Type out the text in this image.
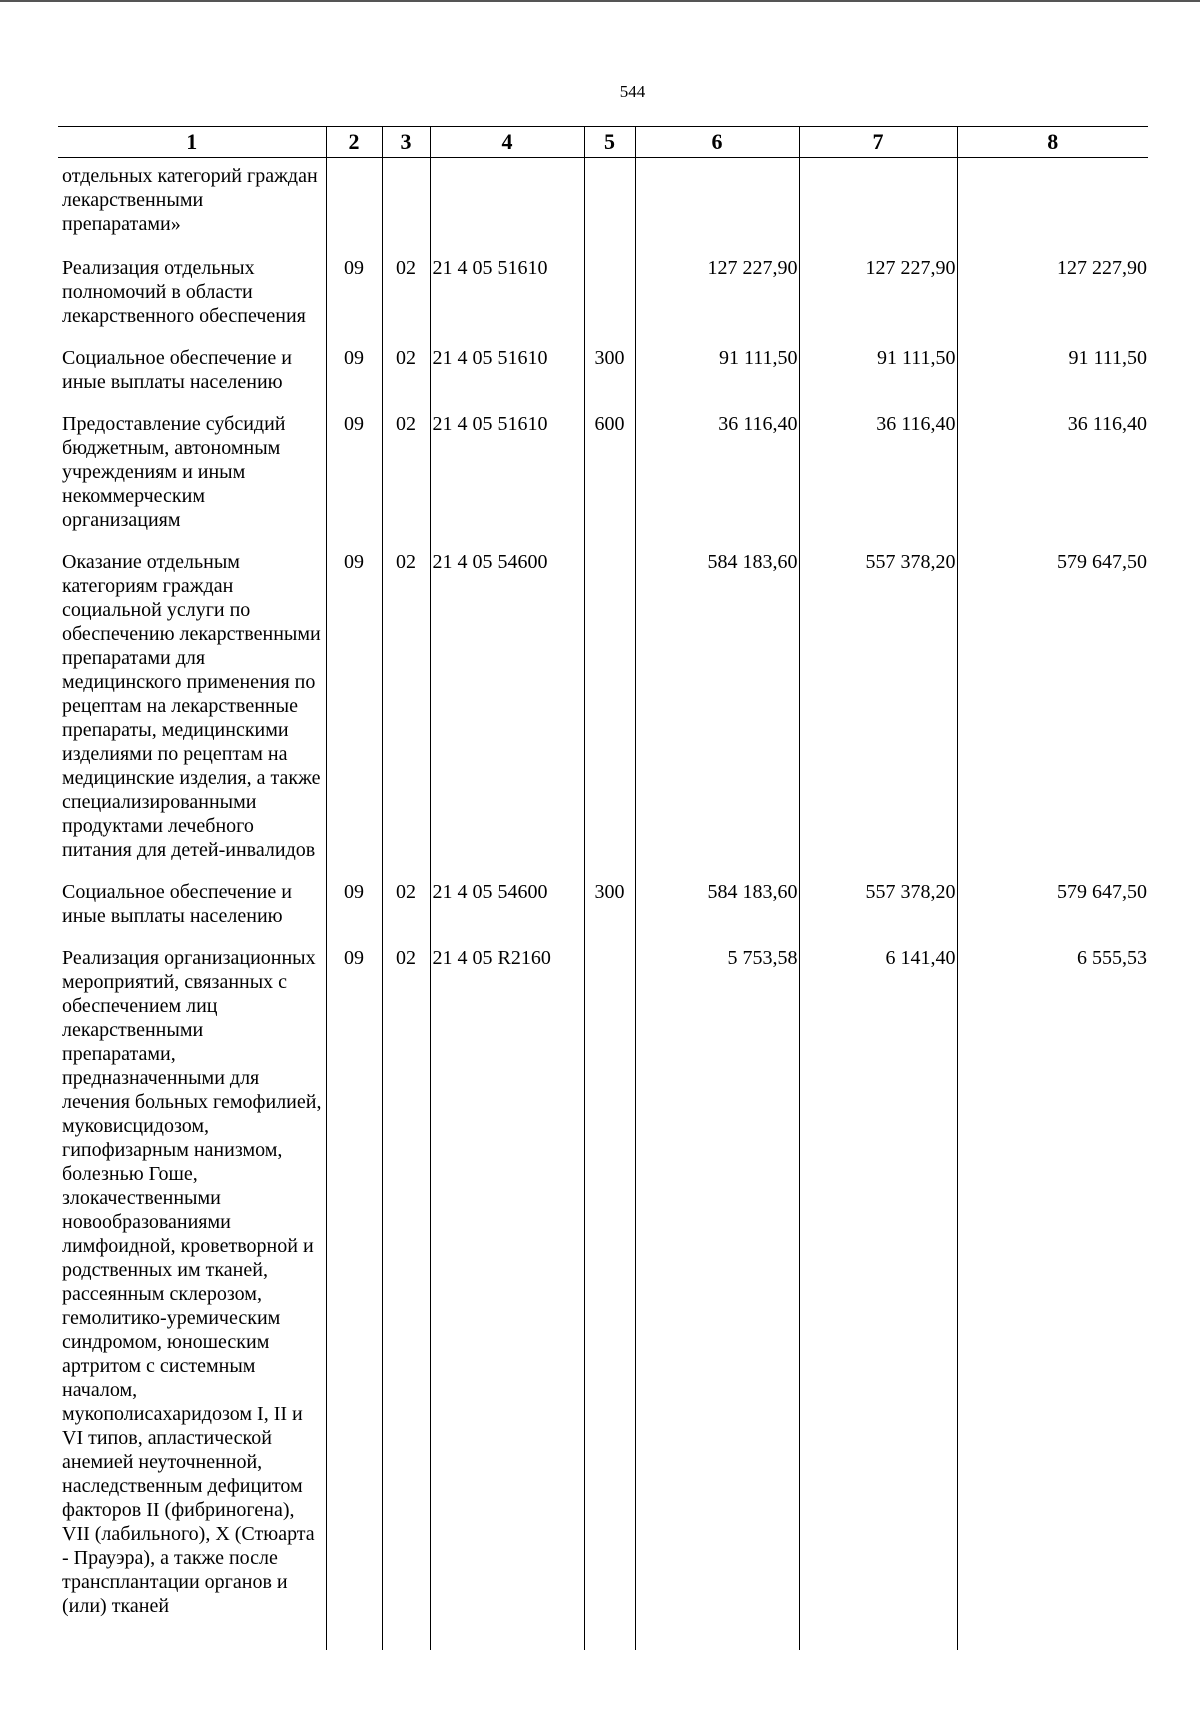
544
1	2	3	4	5	6	7	8
отдельных категорий граждан лекарственными препаратами»							
Реализация отдельных полномочий в области лекарственного обеспечения	09	02	21 4 05 51610		127 227,90	127 227,90	127 227,90
Социальное обеспечение и иные выплаты населению	09	02	21 4 05 51610	300	91 111,50	91 111,50	91 111,50
Предоставление субсидий бюджетным, автономным учреждениям и иным некоммерческим организациям	09	02	21 4 05 51610	600	36 116,40	36 116,40	36 116,40
Оказание отдельным категориям граждан социальной услуги по обеспечению лекарственными препаратами для медицинского применения по рецептам на лекарственные препараты, медицинскими изделиями по рецептам на медицинские изделия, а также специализированными продуктами лечебного питания для детей-инвалидов	09	02	21 4 05 54600		584 183,60	557 378,20	579 647,50
Социальное обеспечение и иные выплаты населению	09	02	21 4 05 54600	300	584 183,60	557 378,20	579 647,50
Реализация организационных мероприятий, связанных с обеспечением лиц лекарственными препаратами, предназначенными для лечения больных гемофилией, муковисцидозом, гипофизарным нанизмом, болезнью Гоше, злокачественными новообразованиями лимфоидной, кроветворной и родственных им тканей, рассеянным склерозом, гемолитико-уремическим синдромом, юношеским артритом с системным началом, мукополисахаридозом I, II и VI типов, апластической анемией неуточненной, наследственным дефицитом факторов II (фибриногена), VII (лабильного), X (Стюарта - Прауэра), а также после трансплантации органов и (или) тканей	09	02	21 4 05 R2160		5 753,58	6 141,40	6 555,53
